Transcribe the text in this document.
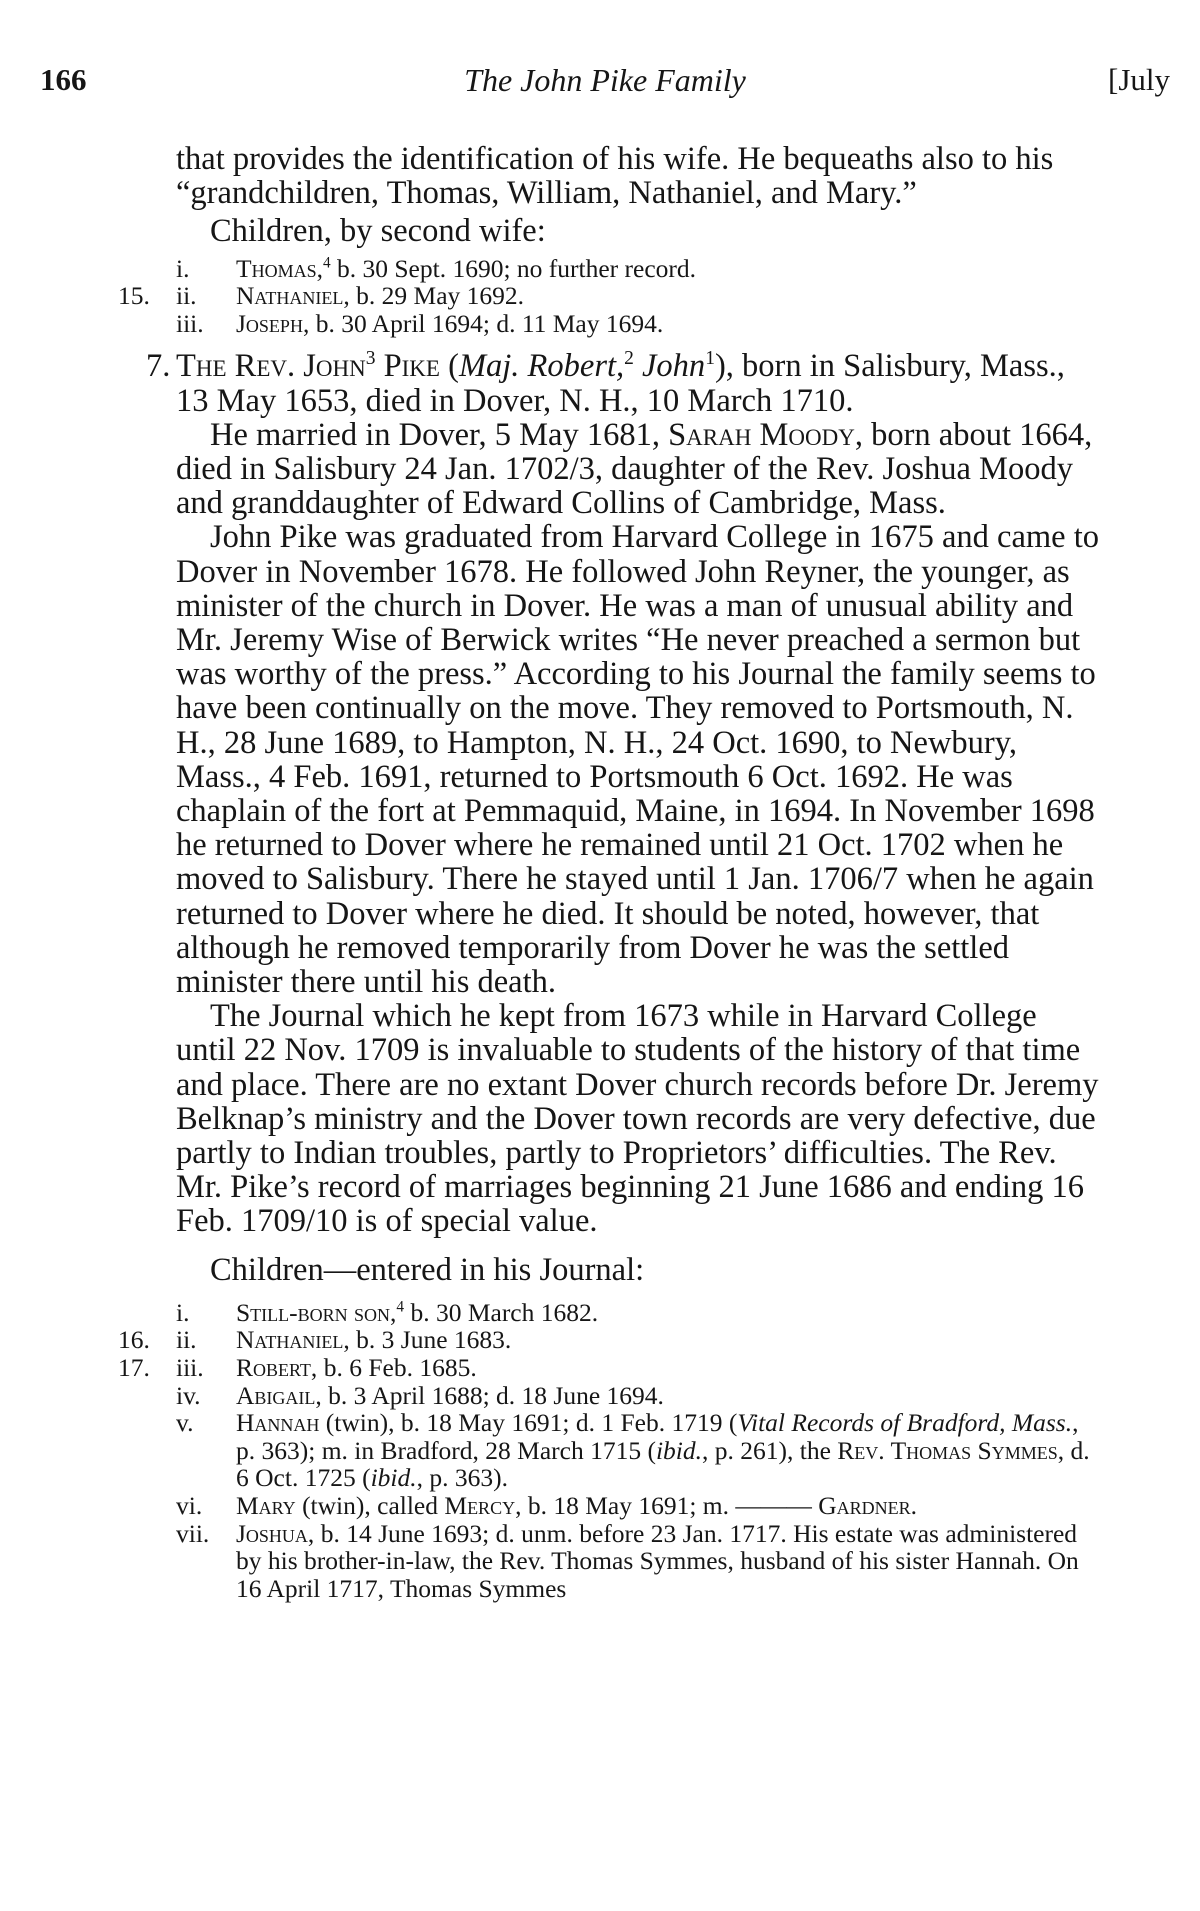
166	The John Pike Family	[July

that provides the identification of his wife. He bequeaths also to his “grandchildren, Thomas, William, Nathaniel, and Mary.”

Children, by second wife:

i. Thomas,$^4$ b. 30 Sept. 1690; no further record.
15. ii. Nathaniel, b. 29 May 1692.
iii. Joseph, b. 30 April 1694; d. 11 May 1694.

7. The Rev. John$^3$ Pike (Maj. Robert,$^2$ John$^1$), born in Salisbury, Mass., 13 May 1653, died in Dover, N. H., 10 March 1710.

He married in Dover, 5 May 1681, Sarah Moody, born about 1664, died in Salisbury 24 Jan. 1702/3, daughter of the Rev. Joshua Moody and granddaughter of Edward Collins of Cambridge, Mass.

John Pike was graduated from Harvard College in 1675 and came to Dover in November 1678. He followed John Reyner, the younger, as minister of the church in Dover. He was a man of unusual ability and Mr. Jeremy Wise of Berwick writes “He never preached a sermon but was worthy of the press.” According to his Journal the family seems to have been continually on the move. They removed to Portsmouth, N. H., 28 June 1689, to Hampton, N. H., 24 Oct. 1690, to Newbury, Mass., 4 Feb. 1691, returned to Portsmouth 6 Oct. 1692. He was chaplain of the fort at Pemmaquid, Maine, in 1694. In November 1698 he returned to Dover where he remained until 21 Oct. 1702 when he moved to Salisbury. There he stayed until 1 Jan. 1706/7 when he again returned to Dover where he died. It should be noted, however, that although he removed temporarily from Dover he was the settled minister there until his death.

The Journal which he kept from 1673 while in Harvard College until 22 Nov. 1709 is invaluable to students of the history of that time and place. There are no extant Dover church records before Dr. Jeremy Belknap’s ministry and the Dover town records are very defective, due partly to Indian troubles, partly to Proprietors’ difficulties. The Rev. Mr. Pike’s record of marriages beginning 21 June 1686 and ending 16 Feb. 1709/10 is of special value.

Children—entered in his Journal:

i. Still-born son,$^4$ b. 30 March 1682.
16. ii. Nathaniel, b. 3 June 1683.
17. iii. Robert, b. 6 Feb. 1685.
iv. Abigail, b. 3 April 1688; d. 18 June 1694.
v. Hannah (twin), b. 18 May 1691; d. 1 Feb. 1719 (Vital Records of Bradford, Mass., p. 363); m. in Bradford, 28 March 1715 (ibid., p. 261), the Rev. Thomas Symmes, d. 6 Oct. 1725 (ibid., p. 363).
vi. Mary (twin), called Mercy, b. 18 May 1691; m. ——— Gardner.
vii. Joshua, b. 14 June 1693; d. unm. before 23 Jan. 1717. His estate was administered by his brother-in-law, the Rev. Thomas Symmes, husband of his sister Hannah. On 16 April 1717, Thomas Symmes
